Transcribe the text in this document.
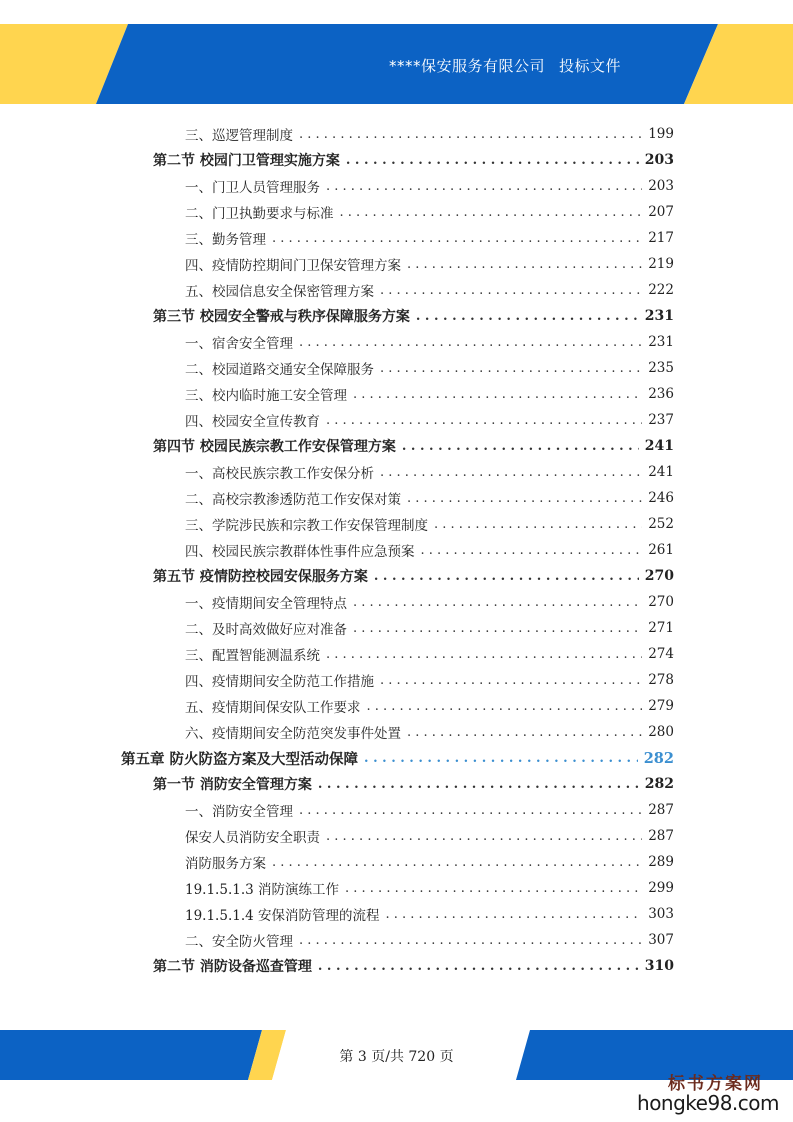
****保安服务有限公司 投标文件
三、巡逻管理制度 . . .	199
第二节 校园门卫管理实施方案 . . .	203
一、门卫人员管理服务 . . .	203
二、门卫执勤要求与标准 . . .	207
三、勤务管理 . . .	217
四、疫情防控期间门卫保安管理方案 . . .	219
五、校园信息安全保密管理方案 . . .	222
第三节 校园安全警戒与秩序保障服务方案 . . .	231
一、宿舍安全管理 . . .	231
二、校园道路交通安全保障服务 . . .	235
三、校内临时施工安全管理 . . .	236
四、校园安全宣传教育 . . .	237
第四节 校园民族宗教工作安保管理方案 . . .	241
一、高校民族宗教工作安保分析 . . .	241
二、高校宗教渗透防范工作安保对策 . . .	246
三、学院涉民族和宗教工作安保管理制度 . . .	252
四、校园民族宗教群体性事件应急预案 . . .	261
第五节 疫情防控校园安保服务方案 . . .	270
一、疫情期间安全管理特点 . . .	270
二、及时高效做好应对准备 . . .	271
三、配置智能测温系统 . . .	274
四、疫情期间安全防范工作措施 . . .	278
五、疫情期间保安队工作要求 . . .	279
六、疫情期间安全防范突发事件处置 . . .	280
第五章 防火防盗方案及大型活动保障 . . .	282
第一节 消防安全管理方案 . . .	282
一、消防安全管理 . . .	287
保安人员消防安全职责 . . .	287
消防服务方案 . . .	289
19.1.5.1.3 消防演练工作 . . .	299
19.1.5.1.4 安保消防管理的流程 . . .	303
二、安全防火管理 . . .	307
第二节 消防设备巡查管理 . . .	310
第 3 页/共 720 页
标书方案网
hongke98.com
